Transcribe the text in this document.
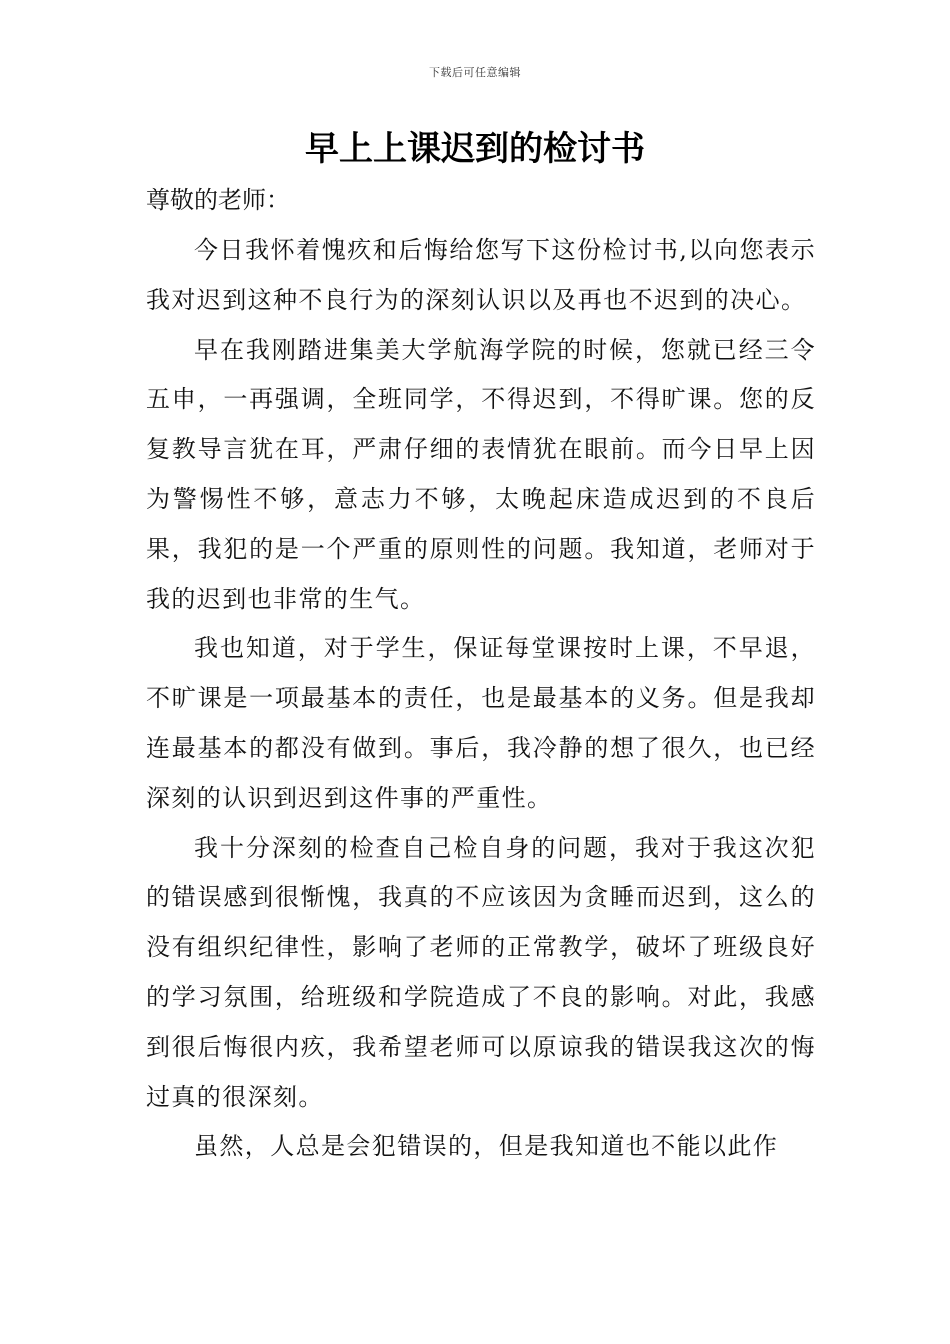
下载后可任意编辑
早上上课迟到的检讨书
尊敬的老师：

今日我怀着愧疚和后悔给您写下这份检讨书,以向您表示我对迟到这种不良行为的深刻认识以及再也不迟到的决心。

早在我刚踏进集美大学航海学院的时候，您就已经三令五申，一再强调，全班同学，不得迟到，不得旷课。您的反复教导言犹在耳，严肃仔细的表情犹在眼前。而今日早上因为警惕性不够，意志力不够，太晚起床造成迟到的不良后果，我犯的是一个严重的原则性的问题。我知道，老师对于我的迟到也非常的生气。

我也知道，对于学生，保证每堂课按时上课，不早退，不旷课是一项最基本的责任，也是最基本的义务。但是我却连最基本的都没有做到。事后，我冷静的想了很久，也已经深刻的认识到迟到这件事的严重性。

我十分深刻的检查自己检自身的问题，我对于我这次犯的错误感到很惭愧，我真的不应该因为贪睡而迟到，这么的没有组织纪律性，影响了老师的正常教学，破坏了班级良好的学习氛围，给班级和学院造成了不良的影响。对此，我感到很后悔很内疚，我希望老师可以原谅我的错误我这次的悔过真的很深刻。

虽然，人总是会犯错误的，但是我知道也不能以此作
